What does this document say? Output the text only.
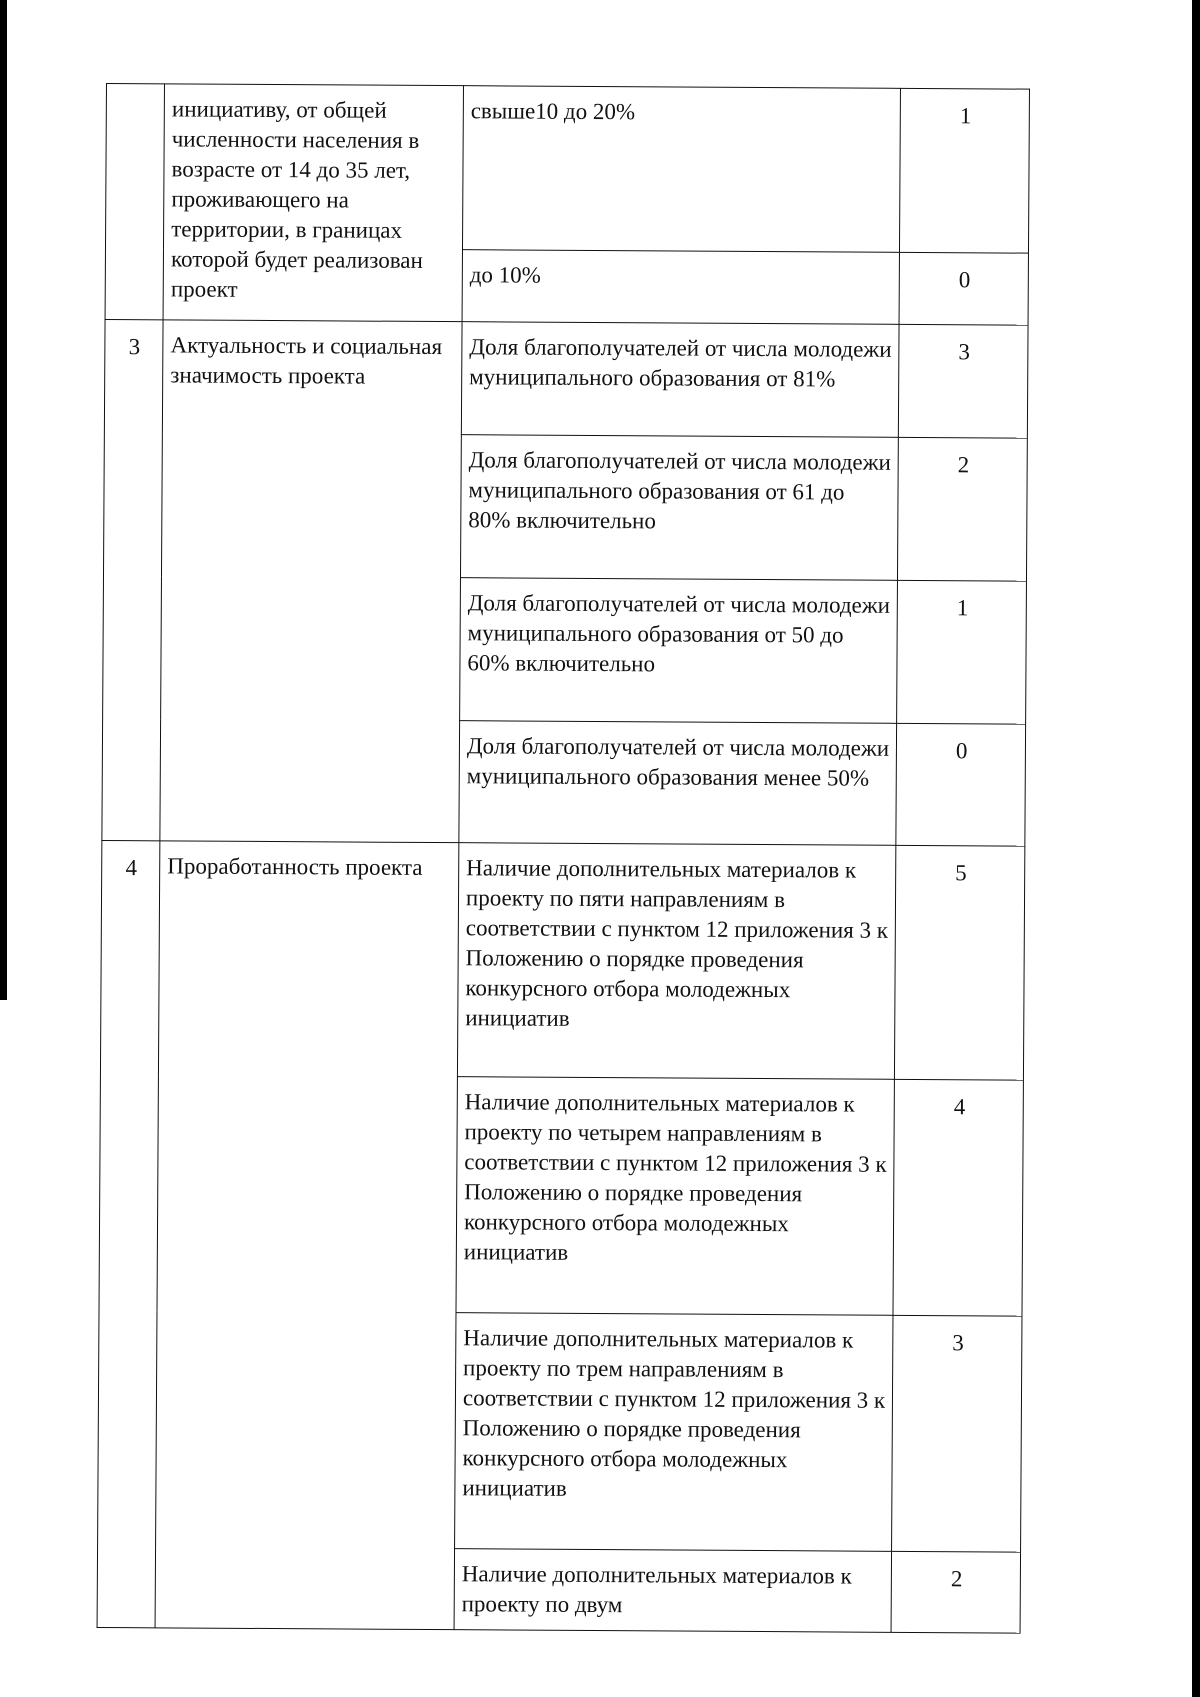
	инициативу, от общей численности населения в возрасте от 14 до 35 лет, проживающего на территории, в границах которой будет реализован проект	свыше10 до 20%	1
		до 10%	0
3	Актуальность и социальная значимость проекта	Доля благополучателей от числа молодежи муниципального образования от 81%	3
		Доля благополучателей от числа молодежи муниципального образования от 61 до 80% включительно	2
		Доля благополучателей от числа молодежи муниципального образования от 50 до 60% включительно	1
		Доля благополучателей от числа молодежи муниципального образования менее 50%	0
4	Проработанность проекта	Наличие дополнительных материалов к проекту по пяти направлениям в соответствии с пунктом 12 приложения 3 к Положению о порядке проведения конкурсного отбора молодежных инициатив	5
		Наличие дополнительных материалов к проекту по четырем направлениям в соответствии с пунктом 12 приложения 3 к Положению о порядке проведения конкурсного отбора молодежных инициатив	4
		Наличие дополнительных материалов к проекту по трем направлениям в соответствии с пунктом 12 приложения 3 к Положению о порядке проведения конкурсного отбора молодежных инициатив	3
		Наличие дополнительных материалов к проекту по двум	2
